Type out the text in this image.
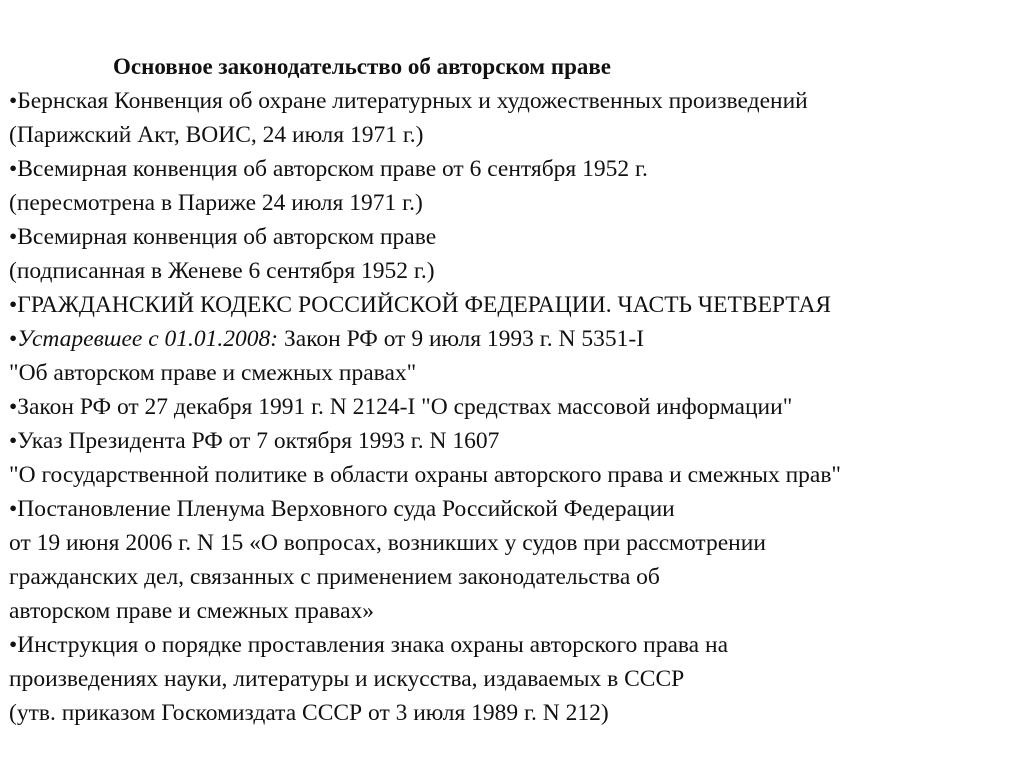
Основное законодательство об авторском праве
•Бернская Конвенция об охране литературных и художественных произведений
(Парижский Акт, ВОИС, 24 июля 1971 г.)
•Всемирная конвенция об авторском праве от 6 сентября 1952 г.
(пересмотрена в Париже 24 июля 1971 г.)
•Всемирная конвенция об авторском праве
(подписанная в Женеве 6 сентября 1952 г.)
•ГРАЖДАНСКИЙ КОДЕКС РОССИЙСКОЙ ФЕДЕРАЦИИ. ЧАСТЬ ЧЕТВЕРТАЯ
•Устаревшее с 01.01.2008: Закон РФ от 9 июля 1993 г. N 5351-I
"Об авторском праве и смежных правах"
•Закон РФ от 27 декабря 1991 г. N 2124-I "О средствах массовой информации"
•Указ Президента РФ от 7 октября 1993 г. N 1607
"О государственной политике в области охраны авторского права и смежных прав"
•Постановление Пленума Верховного суда Российской Федерации
от 19 июня 2006 г. N 15 «О вопросах, возникших у судов при рассмотрении
гражданских дел, связанных с применением законодательства об
авторском праве и смежных правах»
•Инструкция о порядке проставления знака охраны авторского права на
произведениях науки, литературы и искусства, издаваемых в СССР
(утв. приказом Госкомиздата СССР от 3 июля 1989 г. N 212)
